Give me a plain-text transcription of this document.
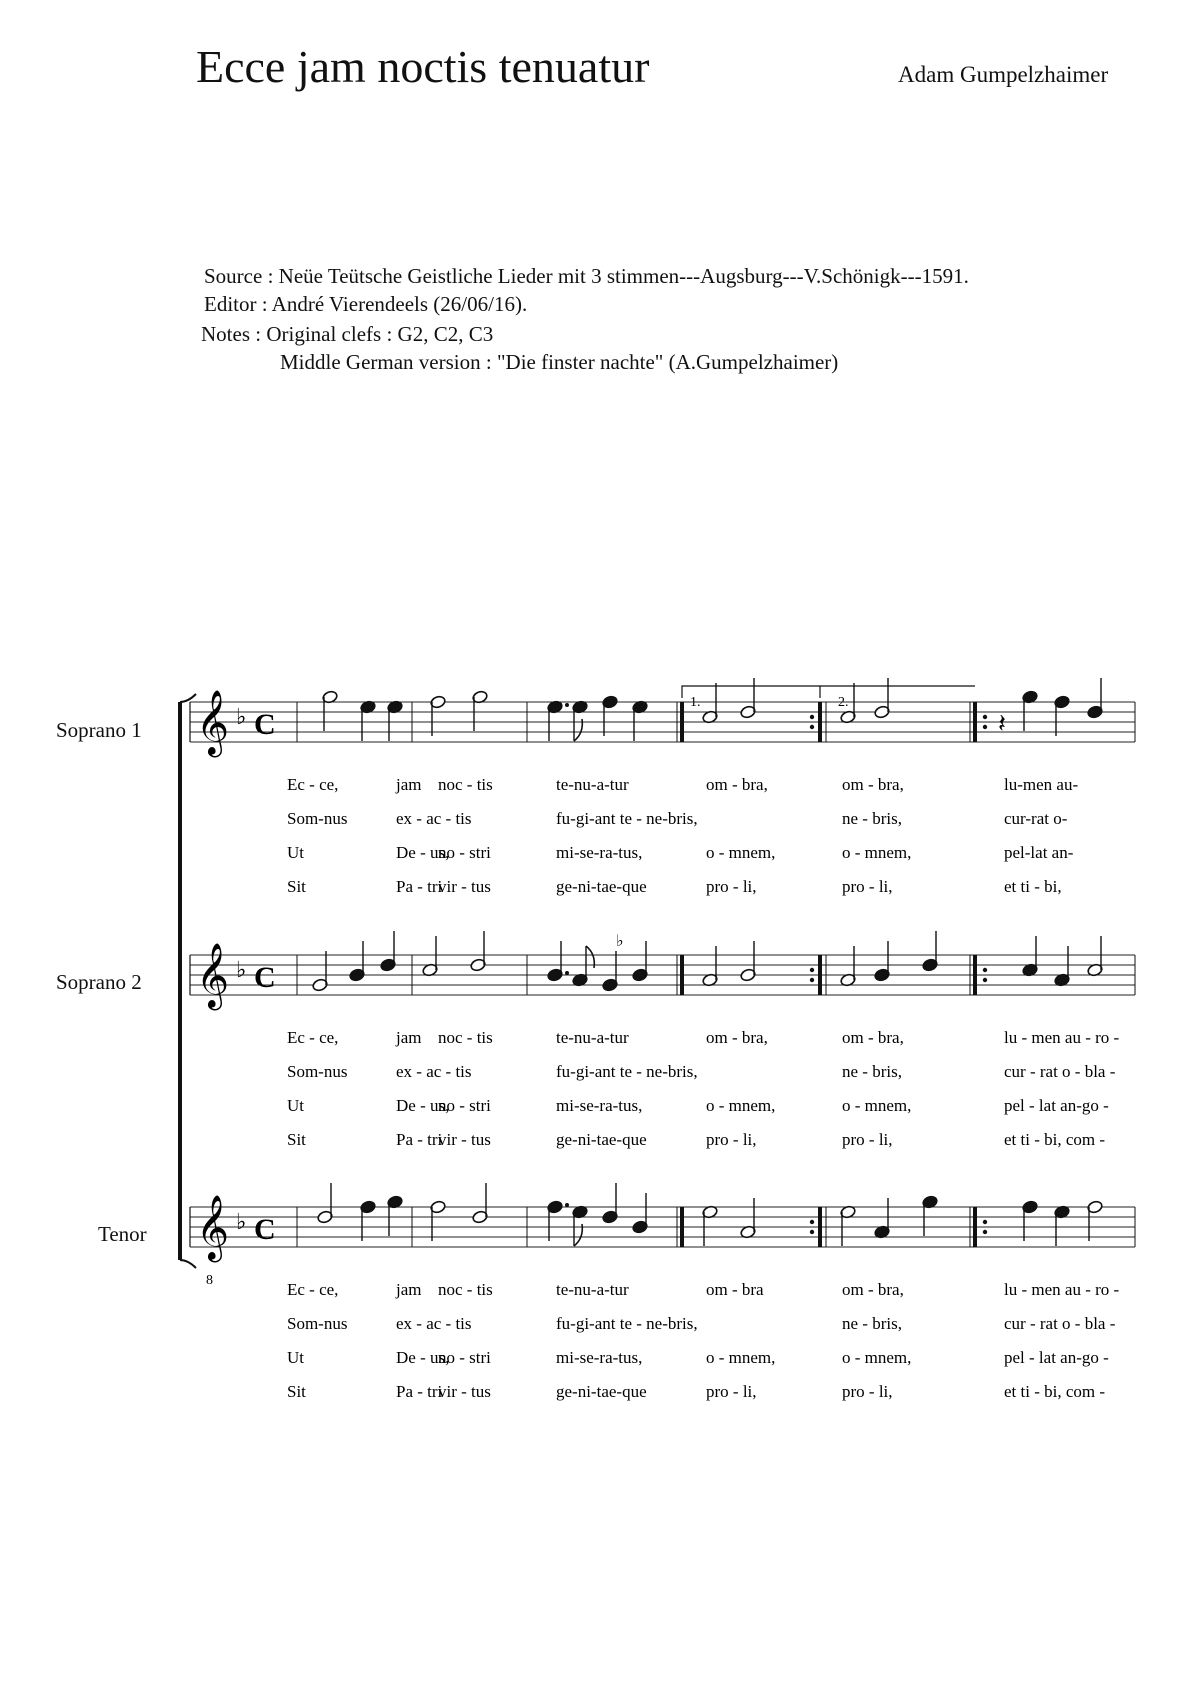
Ecce jam noctis tenuatur	Adam Gumpelzhaimer
Source : Neüe Teütsche Geistliche Lieder mit 3 stimmen---Augsburg---V.Schönigk---1591.
Editor : André Vierendeels (26/06/16).
Notes : Original clefs : G2, C2, C3
Middle German version : "Die finster nachte" (A.Gumpelzhaimer)
Soprano 1
Soprano 2
Tenor
1.	2.
𝄞 ♭ C
𝄞 ♭ C
𝄞 ♭ C
𝄽
♭
8
Ec - ce,	jam noc - tis	te-nu-a-tur	om - bra,	om - bra,	lu-men au-
Som-nus	ex - ac - tis	fu-gi-ant te - ne-bris,	ne - bris,	cur-rat o-
Ut	De - us,
no - stri	mi-se-ra-tus,	o - mnem,	o - mnem,	pel-lat an-
Sit	Pa - tri
vir - tus	ge-ni-tae-que	pro - li,	pro - li,	et ti - bi,
Ec - ce,	jam noc - tis	te-nu-a-tur	om - bra,	om - bra,	lu - men au - ro -
Som-nus	ex - ac - tis	fu-gi-ant te - ne-bris,	ne - bris,	cur - rat o - bla -
Ut	De - us,
no - stri	mi-se-ra-tus,	o - mnem,	o - mnem,	pel - lat an-go -
Sit	Pa - tri
vir - tus	ge-ni-tae-que	pro - li,	pro - li,	et ti - bi, com -
Ec - ce,	jam noc - tis	te-nu-a-tur	om - bra	om - bra,	lu - men au - ro -
Som-nus	ex - ac - tis	fu-gi-ant te - ne-bris,	ne - bris,	cur - rat o - bla -
Ut	De - us,
no - stri	mi-se-ra-tus,	o - mnem,	o - mnem,	pel - lat an-go -
Sit	Pa - tri
vir - tus	ge-ni-tae-que	pro - li,	pro - li,	et ti - bi, com -
